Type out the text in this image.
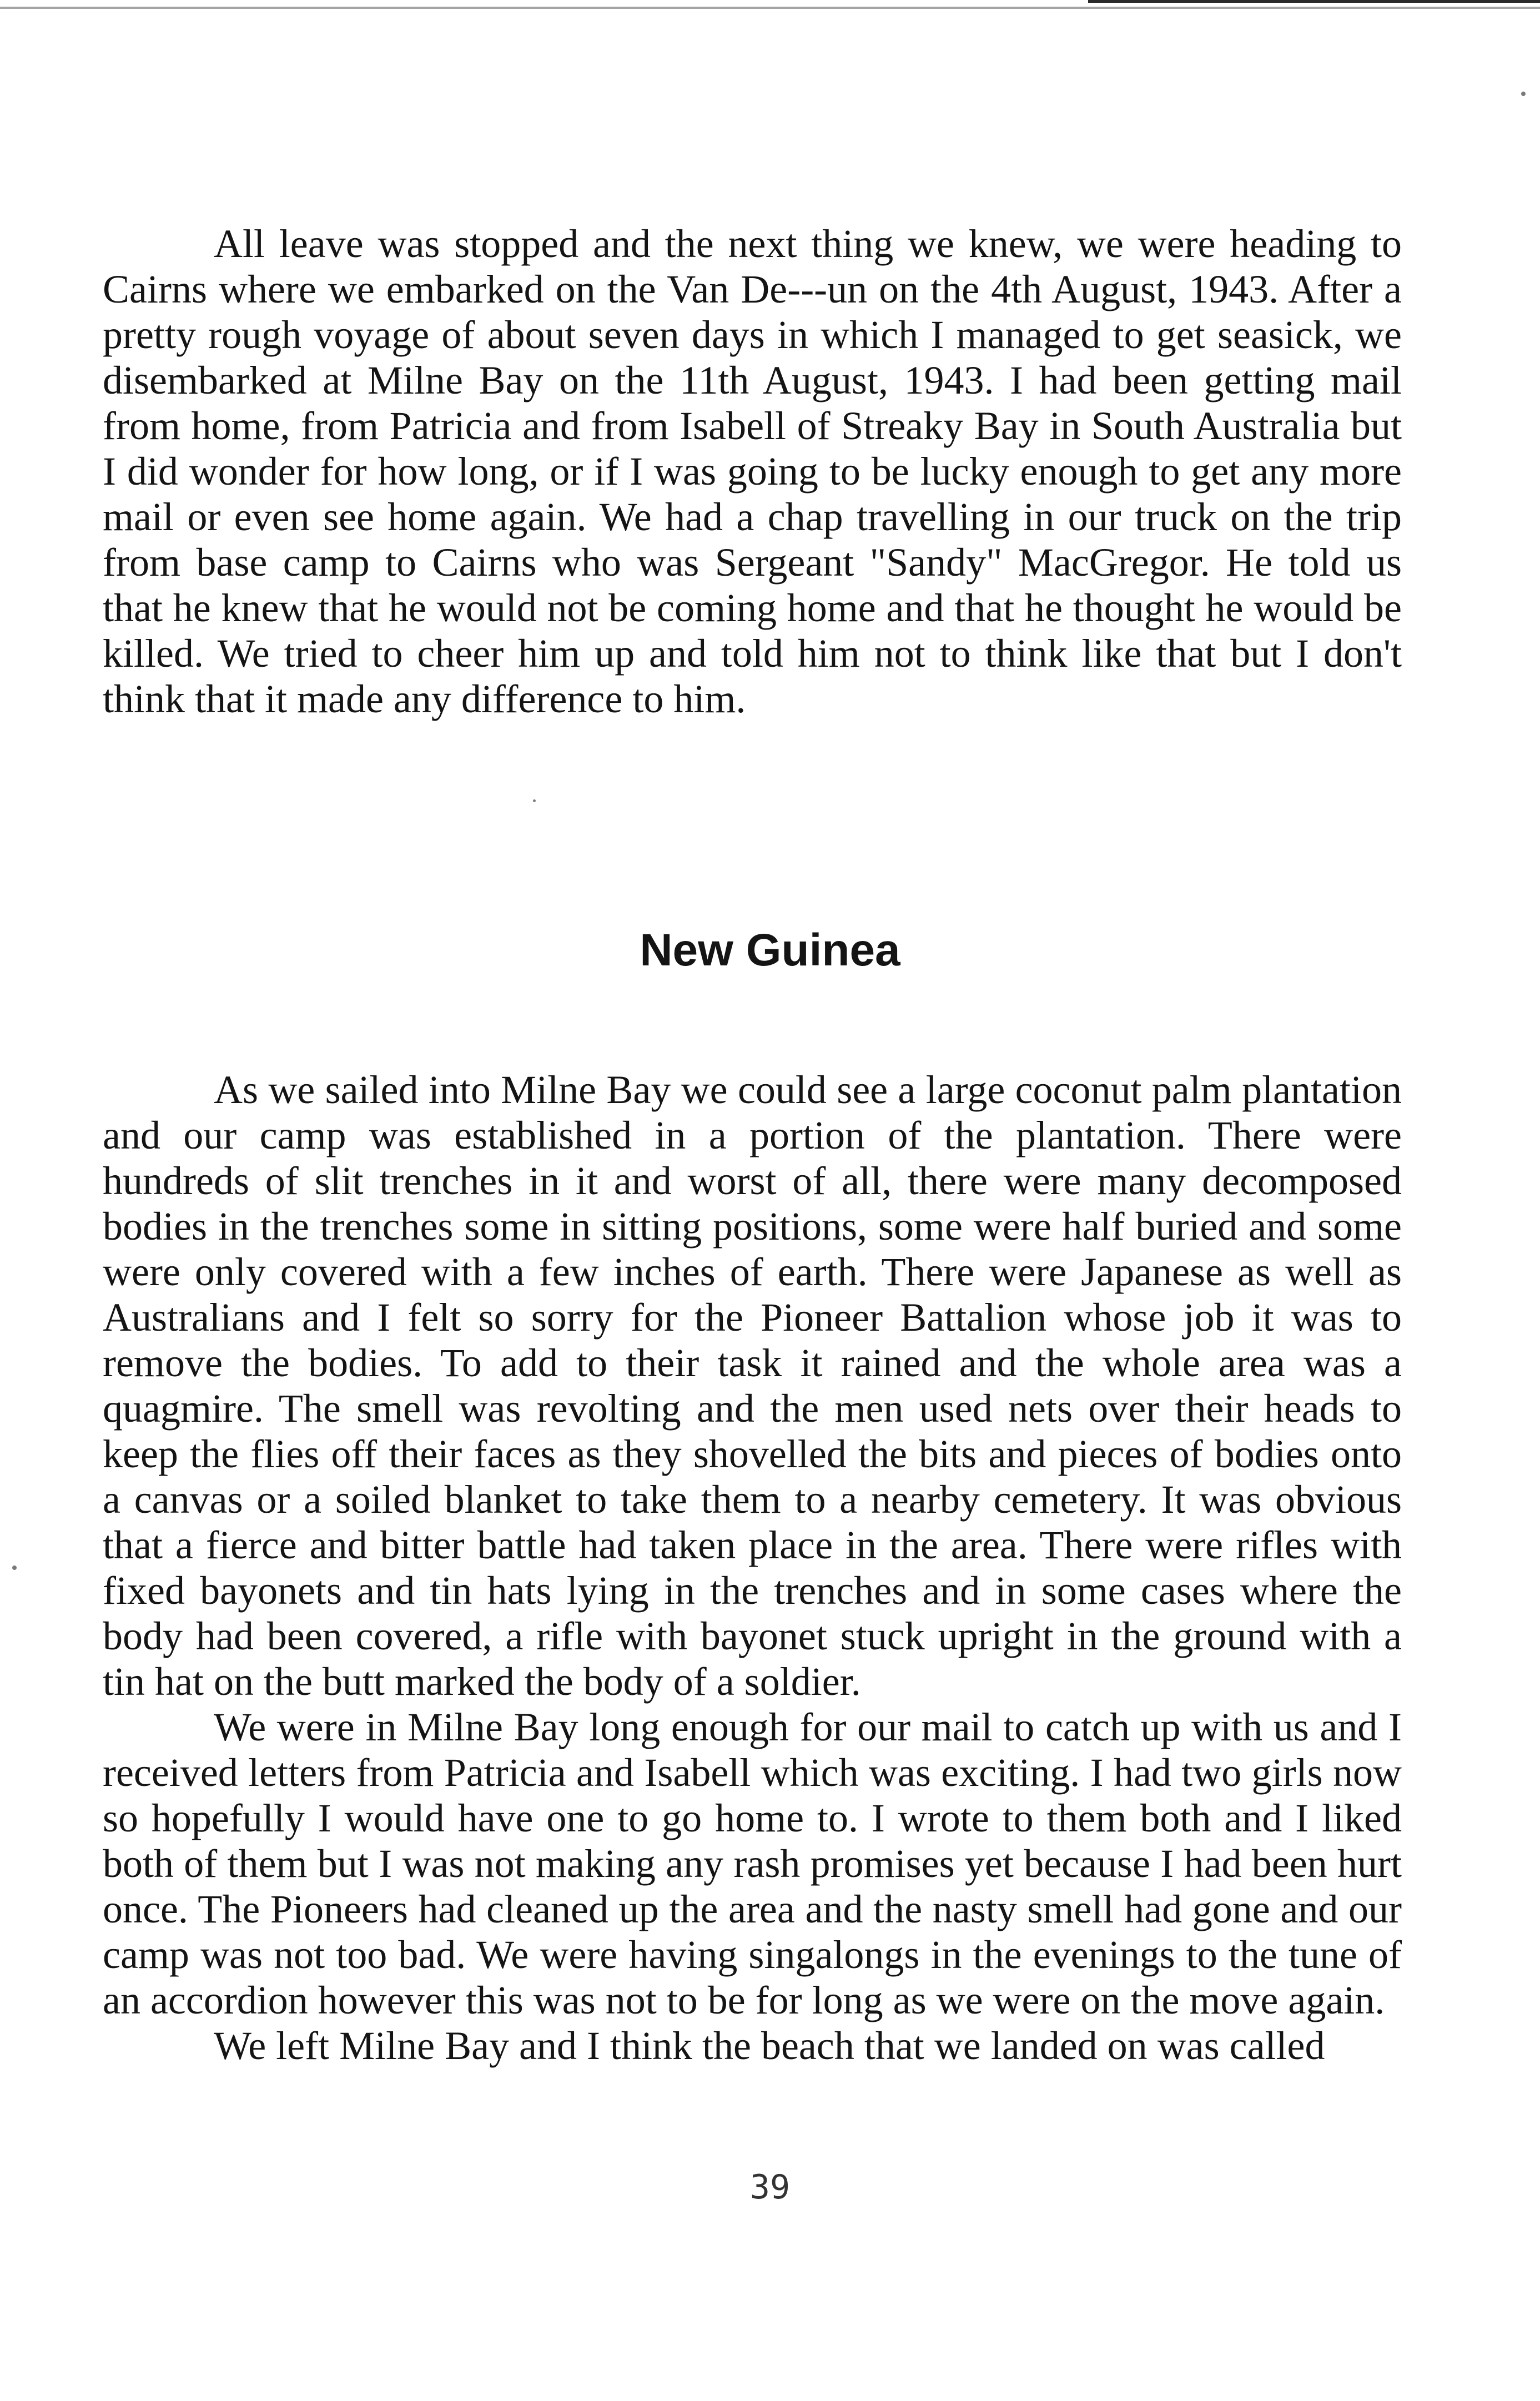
All leave was stopped and the next thing we knew, we were heading to Cairns where we embarked on the Van De---un on the 4th August, 1943. After a pretty rough voyage of about seven days in which I managed to get seasick, we disembarked at Milne Bay on the 11th August, 1943. I had been getting mail from home, from Patricia and from Isabell of Streaky Bay in South Australia but I did wonder for how long, or if I was going to be lucky enough to get any more mail or even see home again. We had a chap travelling in our truck on the trip from base camp to Cairns who was Sergeant "Sandy" MacGregor. He told us that he knew that he would not be coming home and that he thought he would be killed. We tried to cheer him up and told him not to think like that but I don't think that it made any difference to him.

New Guinea

As we sailed into Milne Bay we could see a large coconut palm plantation and our camp was established in a portion of the plantation. There were hundreds of slit trenches in it and worst of all, there were many decomposed bodies in the trenches some in sitting positions, some were half buried and some were only covered with a few inches of earth. There were Japanese as well as Australians and I felt so sorry for the Pioneer Battalion whose job it was to remove the bodies. To add to their task it rained and the whole area was a quagmire. The smell was revolting and the men used nets over their heads to keep the flies off their faces as they shovelled the bits and pieces of bodies onto a canvas or a soiled blanket to take them to a nearby cemetery. It was obvious that a fierce and bitter battle had taken place in the area. There were rifles with fixed bayonets and tin hats lying in the trenches and in some cases where the body had been covered, a rifle with bayonet stuck upright in the ground with a tin hat on the butt marked the body of a soldier.

We were in Milne Bay long enough for our mail to catch up with us and I received letters from Patricia and Isabell which was exciting. I had two girls now so hopefully I would have one to go home to. I wrote to them both and I liked both of them but I was not making any rash promises yet because I had been hurt once. The Pioneers had cleaned up the area and the nasty smell had gone and our camp was not too bad. We were having singalongs in the evenings to the tune of an accordion however this was not to be for long as we were on the move again.

We left Milne Bay and I think the beach that we landed on was called

39
